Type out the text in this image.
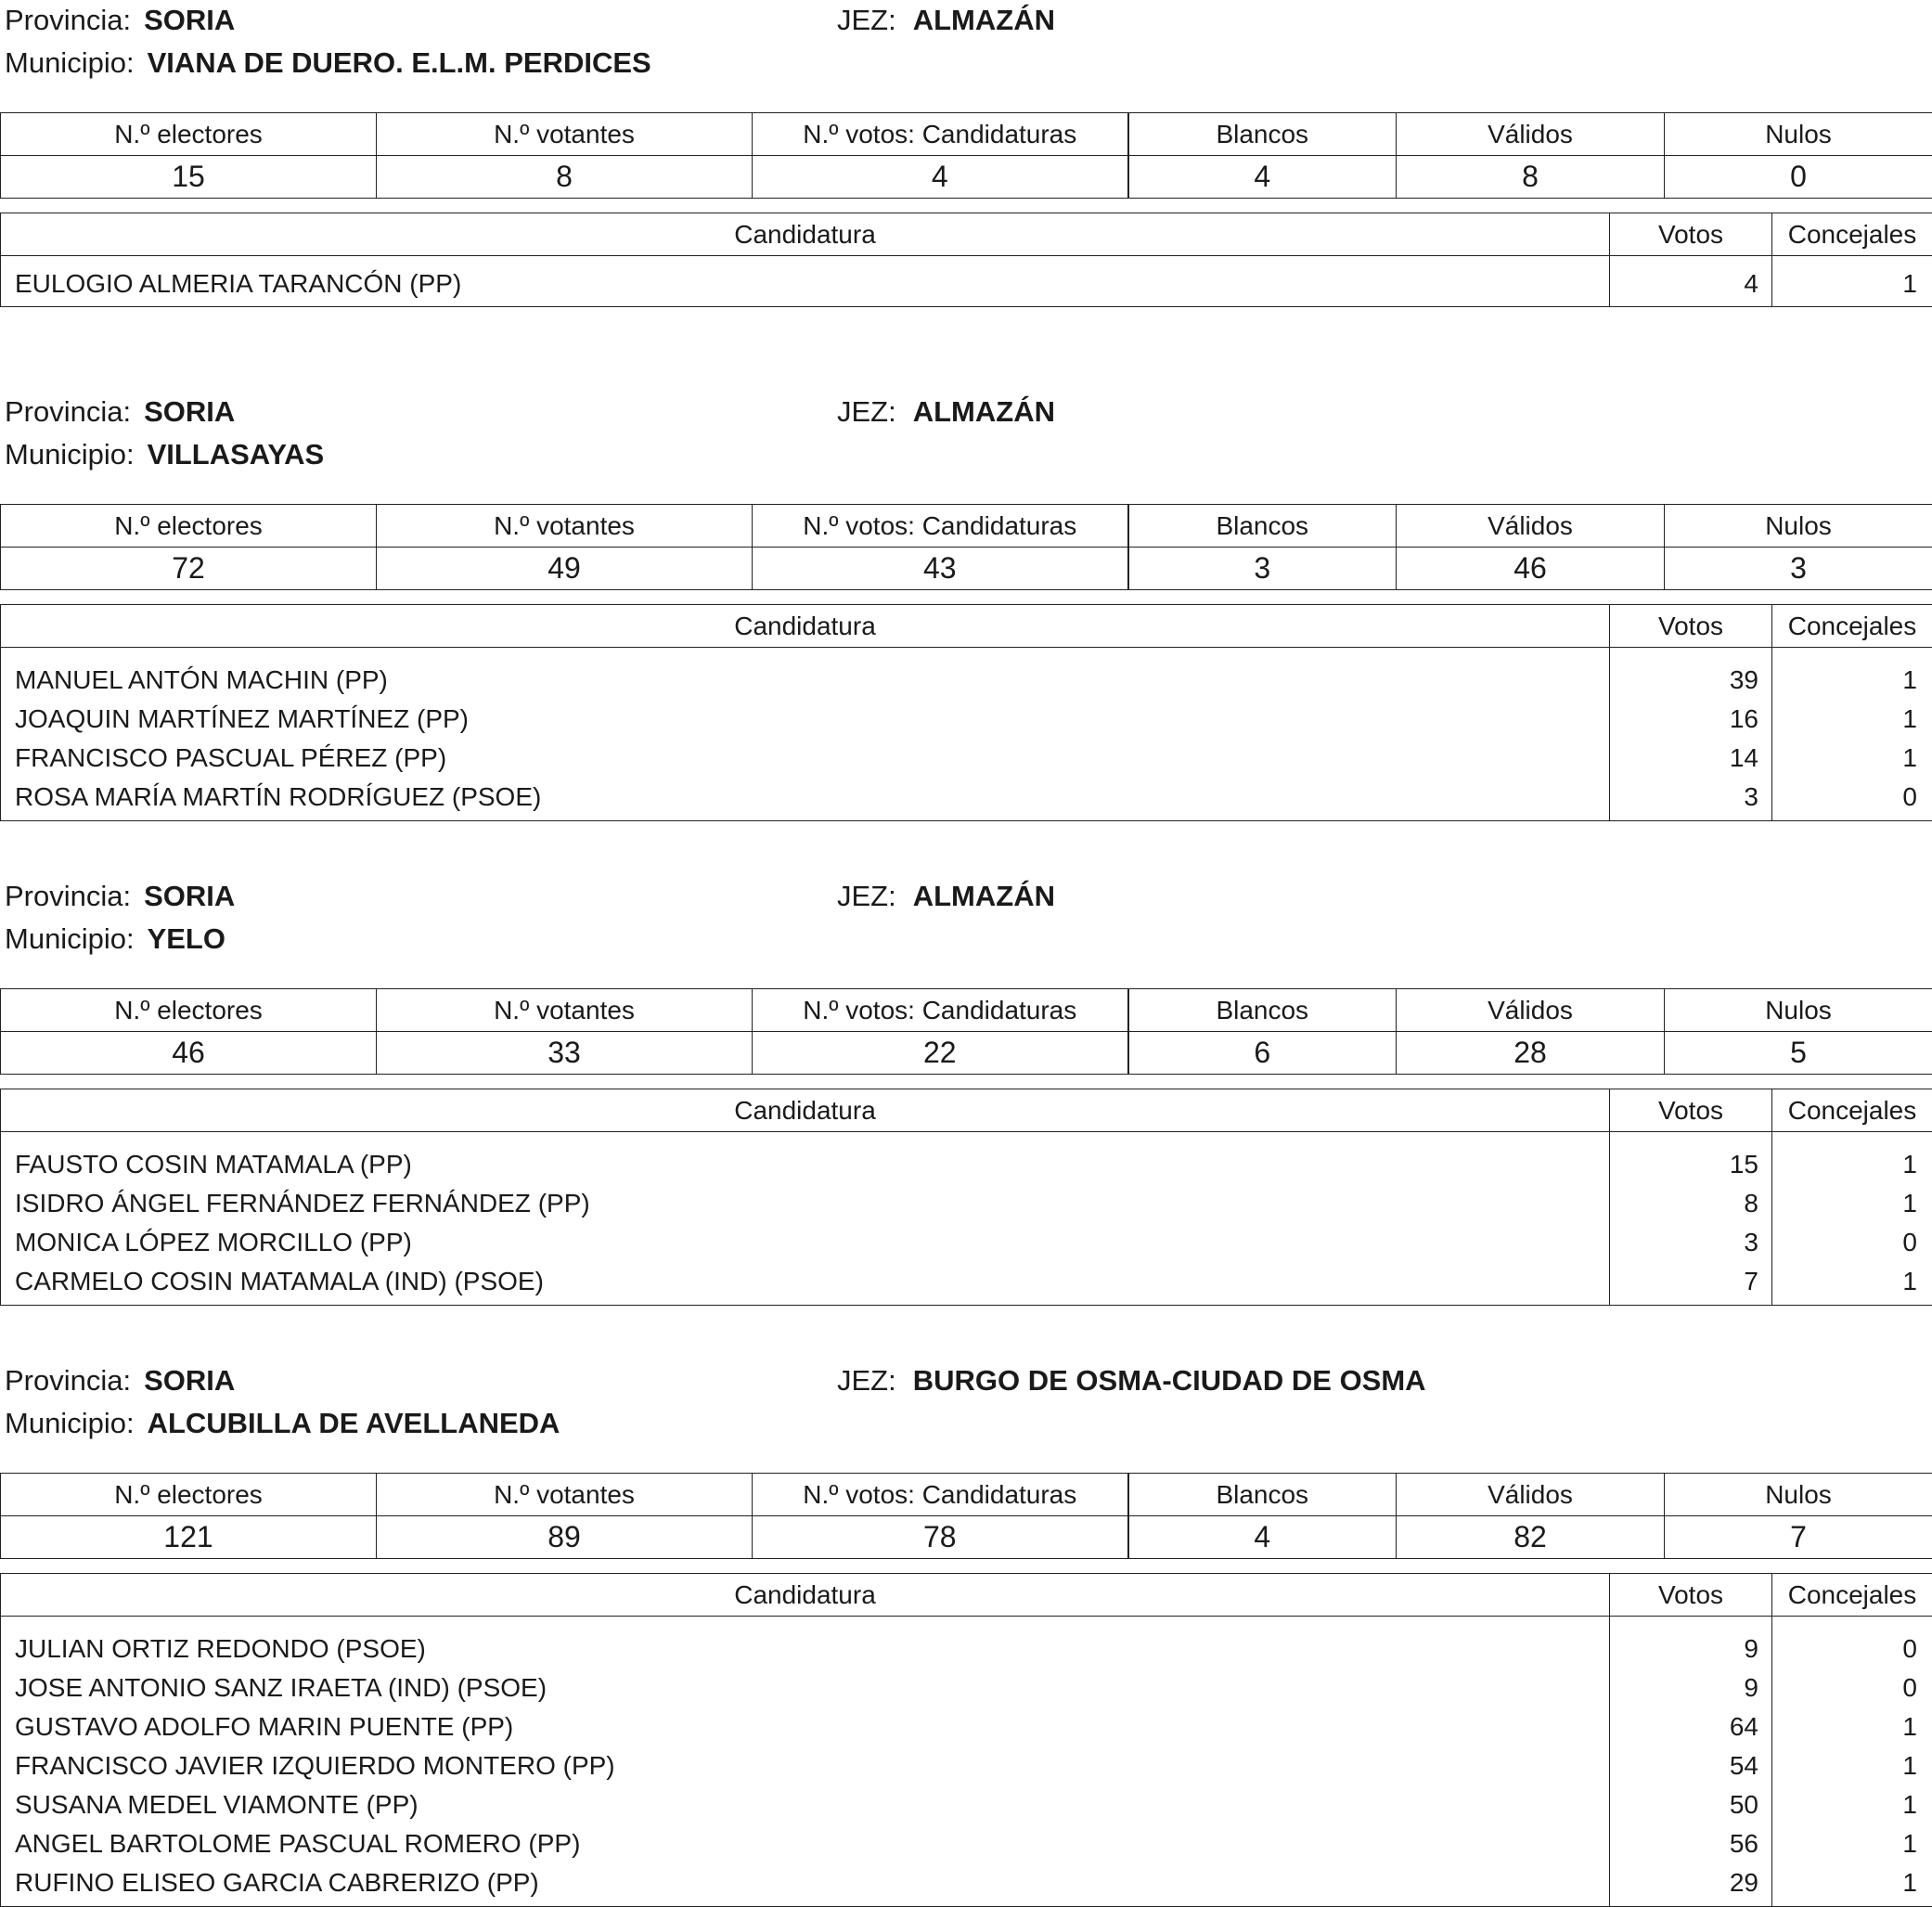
Provincia: SORIA	JEZ: ALMAZÁN
Municipio: VIANA DE DUERO. E.L.M. PERDICES
N.º electores	N.º votantes	N.º votos: Candidaturas	Blancos	Válidos	Nulos
15	8	4	4	8	0
Candidatura	Votos	Concejales
EULOGIO ALMERIA TARANCÓN (PP)	4	1
Provincia: SORIA	JEZ: ALMAZÁN
Municipio: VILLASAYAS
N.º electores	N.º votantes	N.º votos: Candidaturas	Blancos	Válidos	Nulos
72	49	43	3	46	3
Candidatura	Votos	Concejales
MANUEL ANTÓN MACHIN (PP)	39	1
JOAQUIN MARTÍNEZ MARTÍNEZ (PP)	16	1
FRANCISCO PASCUAL PÉREZ (PP)	14	1
ROSA MARÍA MARTÍN RODRÍGUEZ (PSOE)	3	0
Provincia: SORIA	JEZ: ALMAZÁN
Municipio: YELO
N.º electores	N.º votantes	N.º votos: Candidaturas	Blancos	Válidos	Nulos
46	33	22	6	28	5
Candidatura	Votos	Concejales
FAUSTO COSIN MATAMALA (PP)	15	1
ISIDRO ÁNGEL FERNÁNDEZ FERNÁNDEZ (PP)	8	1
MONICA LÓPEZ MORCILLO (PP)	3	0
CARMELO COSIN MATAMALA (IND) (PSOE)	7	1
Provincia: SORIA	JEZ: BURGO DE OSMA-CIUDAD DE OSMA
Municipio: ALCUBILLA DE AVELLANEDA
N.º electores	N.º votantes	N.º votos: Candidaturas	Blancos	Válidos	Nulos
121	89	78	4	82	7
Candidatura	Votos	Concejales
JULIAN ORTIZ REDONDO (PSOE)	9	0
JOSE ANTONIO SANZ IRAETA (IND) (PSOE)	9	0
GUSTAVO ADOLFO MARIN PUENTE (PP)	64	1
FRANCISCO JAVIER IZQUIERDO MONTERO (PP)	54	1
SUSANA MEDEL VIAMONTE (PP)	50	1
ANGEL BARTOLOME PASCUAL ROMERO (PP)	56	1
RUFINO ELISEO GARCIA CABRERIZO (PP)	29	1
